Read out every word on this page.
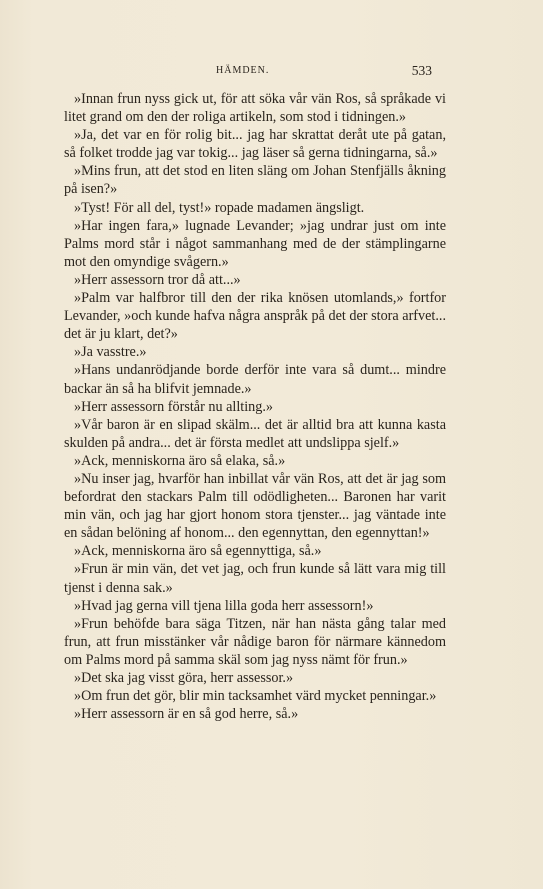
HÄMDEN.	533

»Innan frun nyss gick ut, för att söka vår vän Ros, så språkade vi litet grand om den der roliga artikeln, som stod i tidningen.»

»Ja, det var en för rolig bit... jag har skrattat deråt ute på gatan, så folket trodde jag var tokig... jag läser så gerna tidningarna, så.»

»Mins frun, att det stod en liten släng om Johan Stenfjälls åkning på isen?»

»Tyst! För all del, tyst!» ropade madamen ängsligt.

»Har ingen fara,» lugnade Levander; »jag undrar just om inte Palms mord står i något sammanhang med de der stämplingarne mot den omyndige svågern.»

»Herr assessorn tror då att...»

»Palm var halfbror till den der rika knösen utomlands,» fortfor Levander, »och kunde hafva några anspråk på det der stora arfvet... det är ju klart, det?»

»Ja vasstre.»

»Hans undanrödjande borde derför inte vara så dumt... mindre backar än så ha blifvit jemnade.»

»Herr assessorn förstår nu allting.»

»Vår baron är en slipad skälm... det är alltid bra att kunna kasta skulden på andra... det är första medlet att undslippa sjelf.»

»Ack, menniskorna äro så elaka, så.»

»Nu inser jag, hvarför han inbillat vår vän Ros, att det är jag som befordrat den stackars Palm till odödligheten... Baronen har varit min vän, och jag har gjort honom stora tjenster... jag väntade inte en sådan belöning af honom... den egennyttan, den egennyttan!»

»Ack, menniskorna äro så egennyttiga, så.»

»Frun är min vän, det vet jag, och frun kunde så lätt vara mig till tjenst i denna sak.»

»Hvad jag gerna vill tjena lilla goda herr assessorn!»

»Frun behöfde bara säga Titzen, när han nästa gång talar med frun, att frun misstänker vår nådige baron för närmare kännedom om Palms mord på samma skäl som jag nyss nämt för frun.»

»Det ska jag visst göra, herr assessor.»

»Om frun det gör, blir min tacksamhet värd mycket penningar.»

»Herr assessorn är en så god herre, så.»
